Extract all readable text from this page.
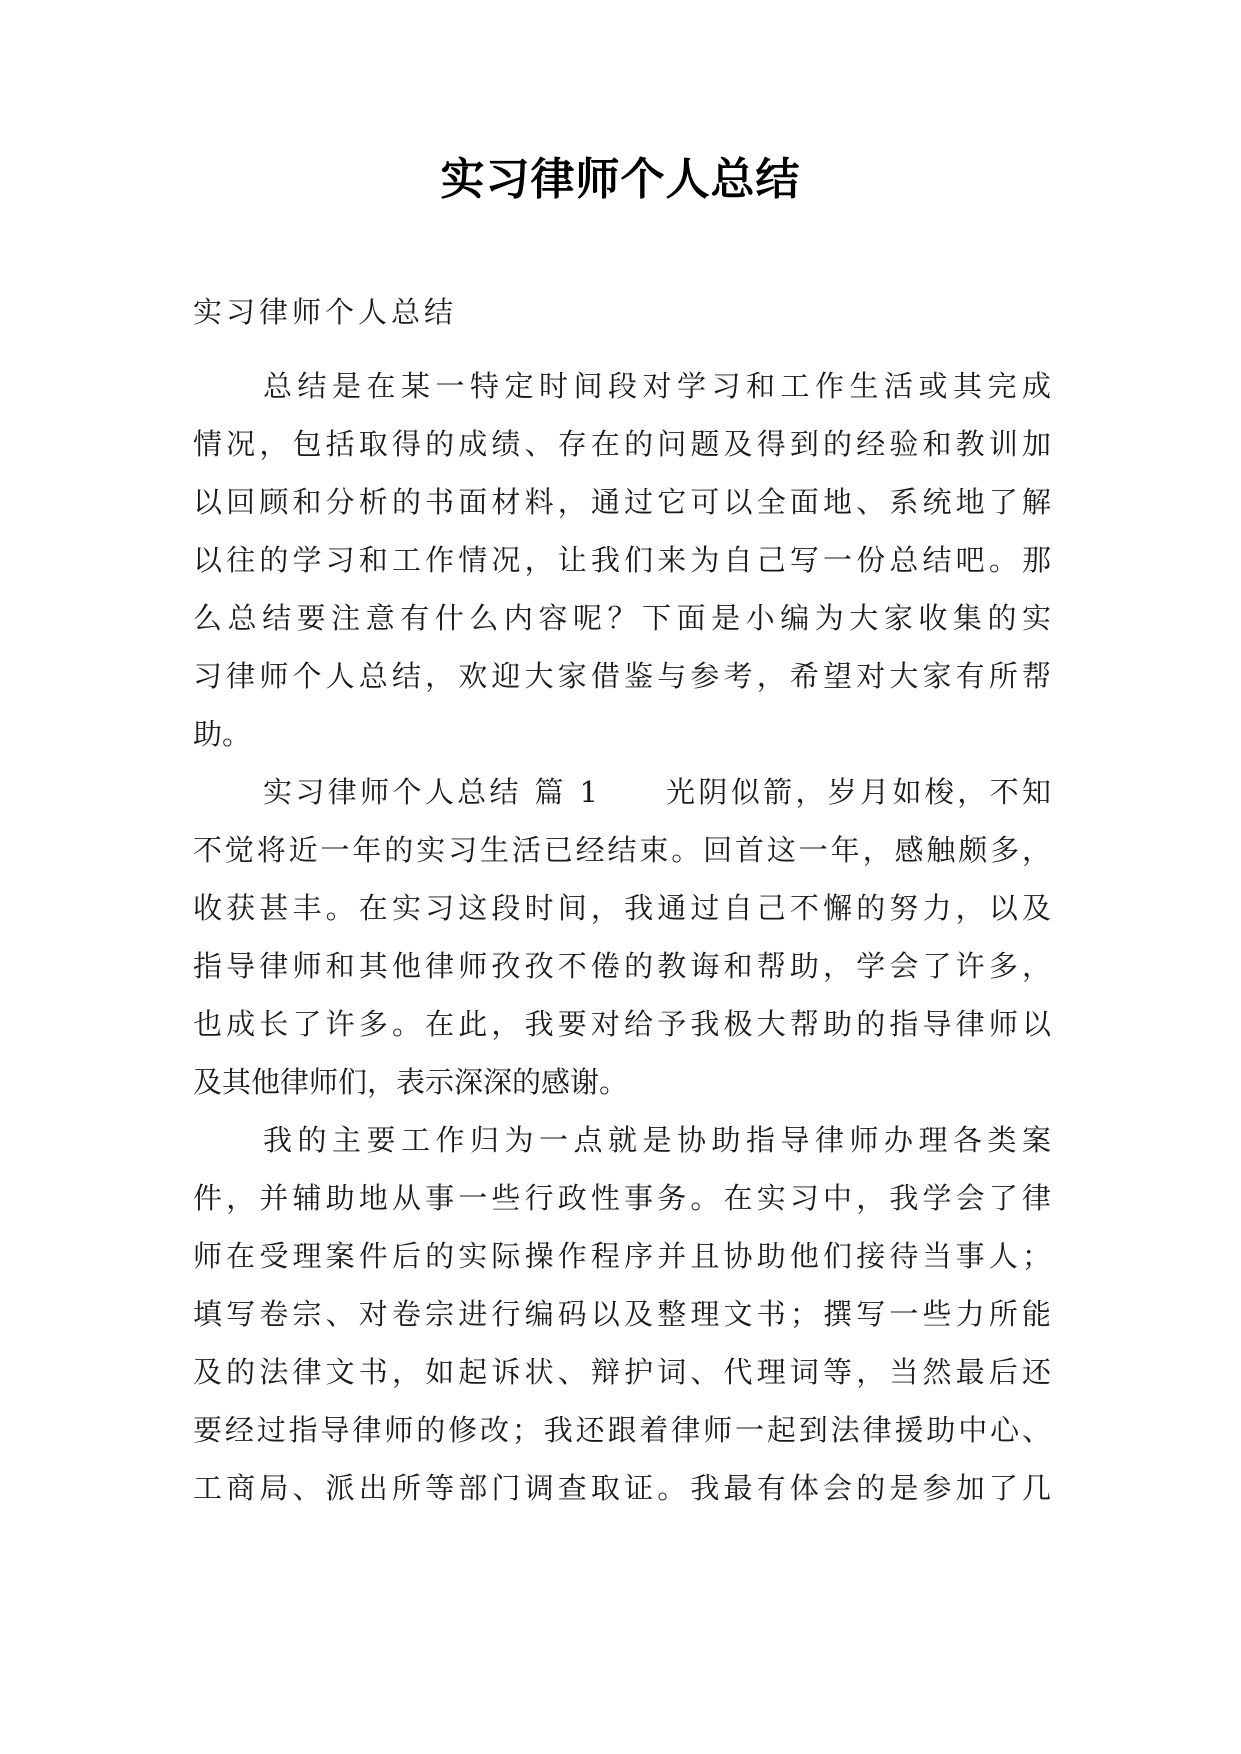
实习律师个人总结
实习律师个人总结
总结是在某一特定时间段对学习和工作生活或其完成
情况，包括取得的成绩、存在的问题及得到的经验和教训加
以回顾和分析的书面材料，通过它可以全面地、系统地了解
以往的学习和工作情况，让我们来为自己写一份总结吧。那
么总结要注意有什么内容呢？下面是小编为大家收集的实
习律师个人总结，欢迎大家借鉴与参考，希望对大家有所帮
助。
实习律师个人总结 篇 1　　光阴似箭，岁月如梭，不知
不觉将近一年的实习生活已经结束。回首这一年，感触颇多，
收获甚丰。在实习这段时间，我通过自己不懈的努力，以及
指导律师和其他律师孜孜不倦的教诲和帮助，学会了许多，
也成长了许多。在此，我要对给予我极大帮助的指导律师以
及其他律师们，表示深深的感谢。
我的主要工作归为一点就是协助指导律师办理各类案
件，并辅助地从事一些行政性事务。在实习中，我学会了律
师在受理案件后的实际操作程序并且协助他们接待当事人；
填写卷宗、对卷宗进行编码以及整理文书；撰写一些力所能
及的法律文书，如起诉状、辩护词、代理词等，当然最后还
要经过指导律师的修改；我还跟着律师一起到法律援助中心、
工商局、派出所等部门调查取证。我最有体会的是参加了几
